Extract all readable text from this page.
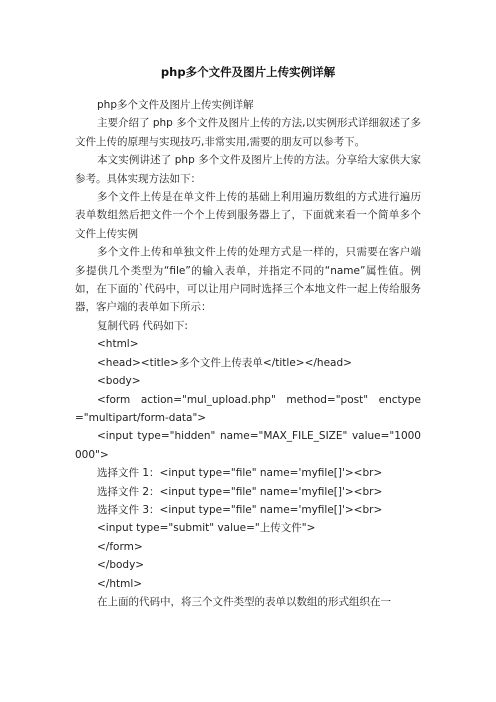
php多个文件及图片上传实例详解

php多个文件及图片上传实例详解

主要介绍了 php 多个文件及图片上传的方法,以实例形式详细叙述了多文件上传的原理与实现技巧,非常实用,需要的朋友可以参考下。

本文实例讲述了 php 多个文件及图片上传的方法。分享给大家供大家参考。具体实现方法如下：

多个文件上传是在单文件上传的基础上利用遍历数组的方式进行遍历表单数组然后把文件一个个上传到服务器上了，下面就来看一个简单多个文件上传实例

多个文件上传和单独文件上传的处理方式是一样的，只需要在客户端多提供几个类型为“file”的输入表单，并指定不同的“name”属性值。例如，在下面的`代码中，可以让用户同时选择三个本地文件一起上传给服务器，客户端的表单如下所示：

复制代码 代码如下:

<html>

<head><title>多个文件上传表单</title></head>

<body>

<form action="mul_upload.php" method="post" enctype="multipart/form-data">

<input type="hidden" name="MAX_FILE_SIZE" value="1000000">

选择文件 1：<input type="file" name='myfile[]'><br>

选择文件 2：<input type="file" name='myfile[]'><br>

选择文件 3：<input type="file" name='myfile[]'><br>

<input type="submit" value="上传文件">

</form>

</body>

</html>

在上面的代码中，将三个文件类型的表单以数组的形式组织在一
